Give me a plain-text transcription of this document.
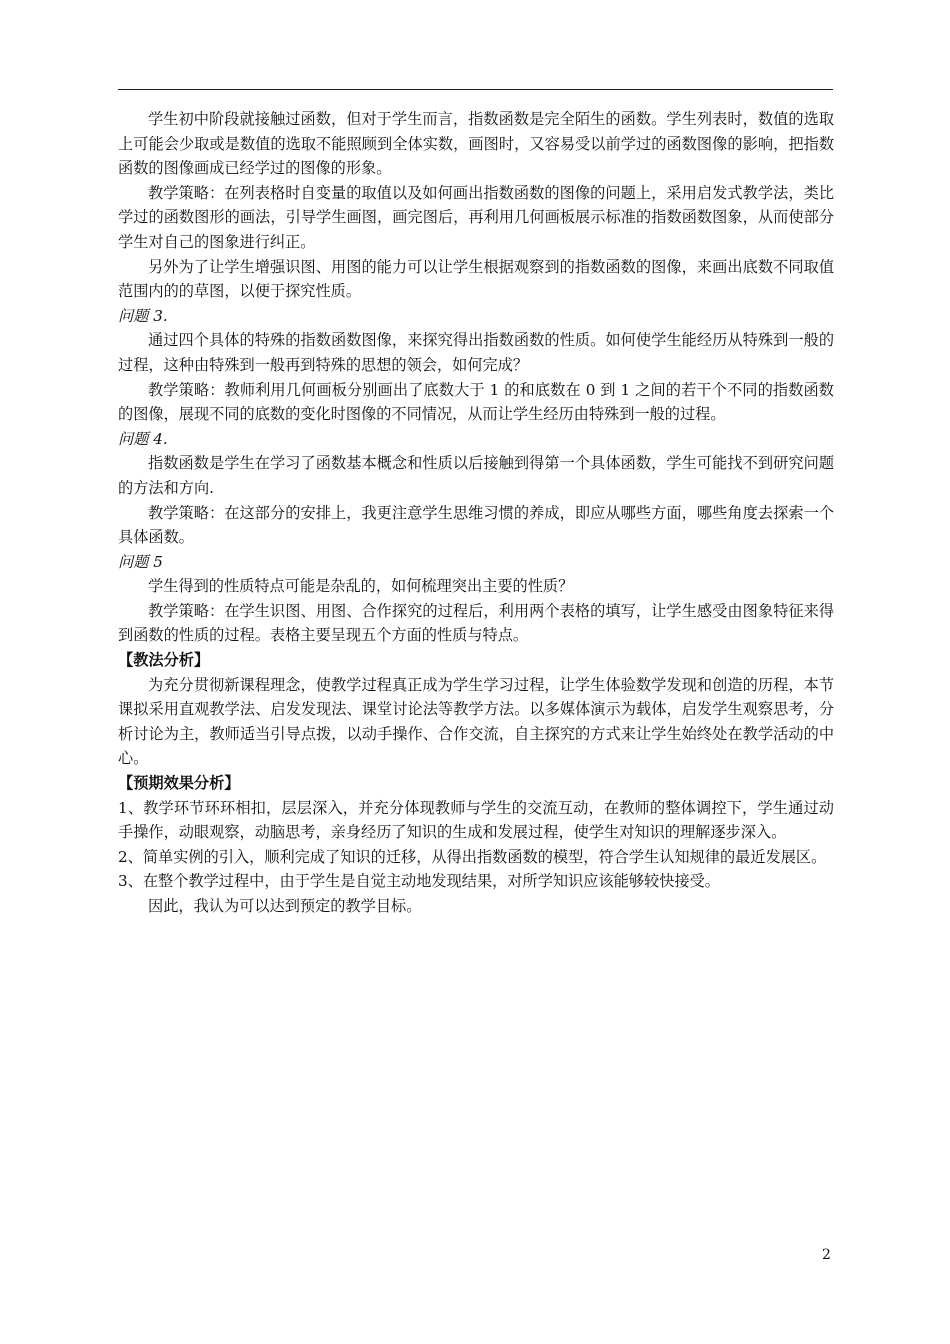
学生初中阶段就接触过函数，但对于学生而言，指数函数是完全陌生的函数。学生列表时，数值的选取上可能会少取或是数值的选取不能照顾到全体实数，画图时，又容易受以前学过的函数图像的影响，把指数函数的图像画成已经学过的图像的形象。

教学策略：在列表格时自变量的取值以及如何画出指数函数的图像的问题上，采用启发式教学法，类比学过的函数图形的画法，引导学生画图，画完图后，再利用几何画板展示标准的指数函数图象，从而使部分学生对自己的图象进行纠正。

另外为了让学生增强识图、用图的能力可以让学生根据观察到的指数函数的图像，来画出底数不同取值范围内的的草图，以便于探究性质。

问题 3.

通过四个具体的特殊的指数函数图像，来探究得出指数函数的性质。如何使学生能经历从特殊到一般的过程，这种由特殊到一般再到特殊的思想的领会，如何完成？

教学策略：教师利用几何画板分别画出了底数大于 1 的和底数在 0 到 1 之间的若干个不同的指数函数的图像，展现不同的底数的变化时图像的不同情况，从而让学生经历由特殊到一般的过程。

问题 4.

指数函数是学生在学习了函数基本概念和性质以后接触到得第一个具体函数，学生可能找不到研究问题的方法和方向.

教学策略：在这部分的安排上，我更注意学生思维习惯的养成，即应从哪些方面，哪些角度去探索一个具体函数。

问题 5

学生得到的性质特点可能是杂乱的，如何梳理突出主要的性质？

教学策略：在学生识图、用图、合作探究的过程后，利用两个表格的填写，让学生感受由图象特征来得到函数的性质的过程。表格主要呈现五个方面的性质与特点。

【教法分析】

为充分贯彻新课程理念，使教学过程真正成为学生学习过程，让学生体验数学发现和创造的历程，本节课拟采用直观教学法、启发发现法、课堂讨论法等教学方法。以多媒体演示为载体，启发学生观察思考，分析讨论为主，教师适当引导点拨，以动手操作、合作交流，自主探究的方式来让学生始终处在教学活动的中心。

【预期效果分析】

1、教学环节环环相扣，层层深入，并充分体现教师与学生的交流互动，在教师的整体调控下，学生通过动手操作，动眼观察，动脑思考，亲身经历了知识的生成和发展过程，使学生对知识的理解逐步深入。

2、简单实例的引入，顺利完成了知识的迁移，从得出指数函数的模型，符合学生认知规律的最近发展区。

3、在整个教学过程中，由于学生是自觉主动地发现结果，对所学知识应该能够较快接受。

因此，我认为可以达到预定的教学目标。

2
